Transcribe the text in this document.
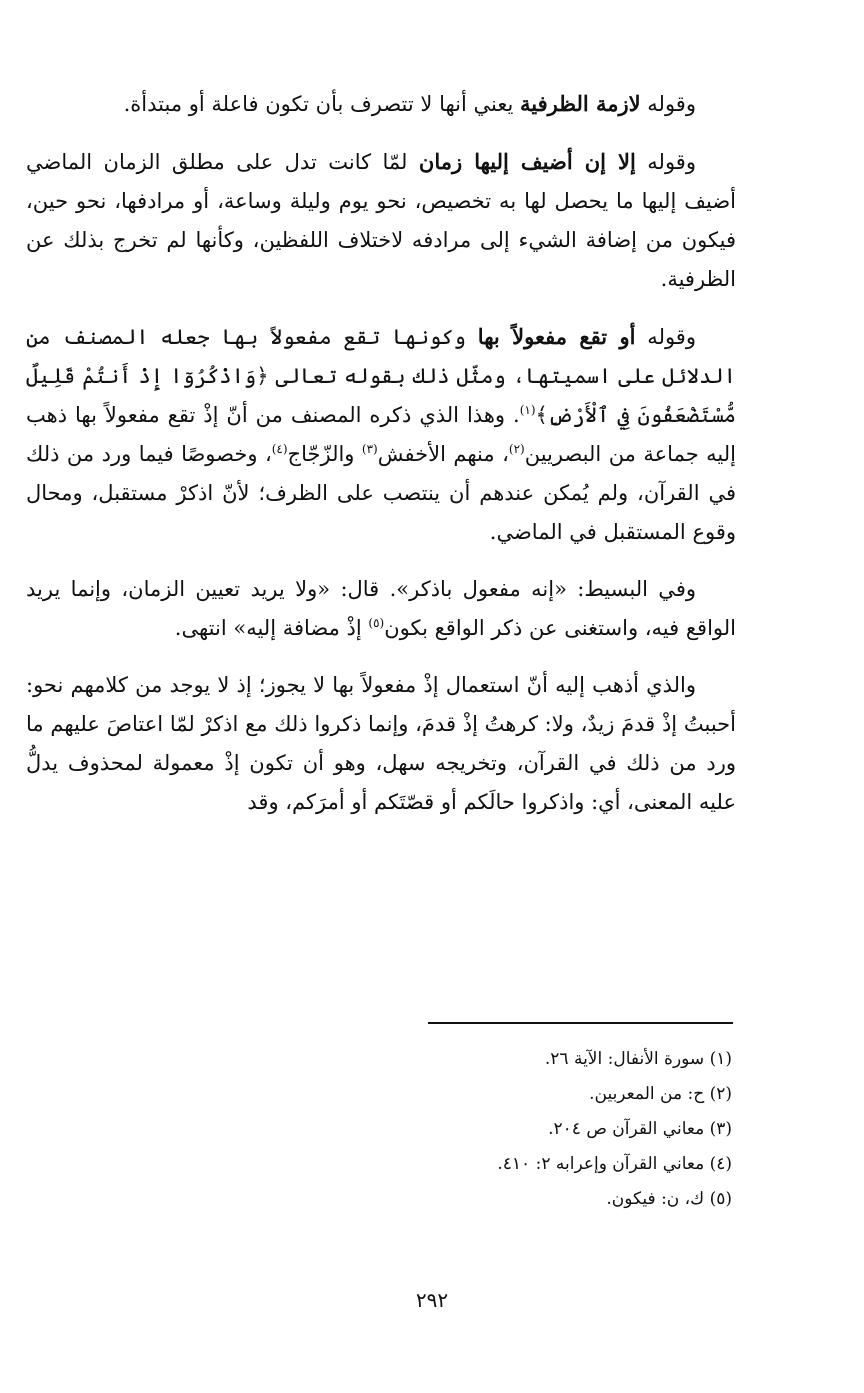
وقوله لازمة الظرفية يعني أنها لا تتصرف بأن تكون فاعلة أو مبتدأة.

وقوله إلا إن أضيف إليها زمان لمّا كانت تدل على مطلق الزمان الماضي أضيف إليها ما يحصل لها به تخصيص، نحو يوم وليلة وساعة، أو مرادفها، نحو حين، فيكون من إضافة الشيء إلى مرادفه لاختلاف اللفظين، وكأنها لم تخرج بذلك عن الظرفية.

وقوله أو تقع مفعولاً بها وكونها تقع مفعولاً بها جعله المصنف من الدلائل على اسميتها، ومثّل ذلك بقوله تعالى ﴿وَاذْكُرُوٓا إِذْ أَنتُمْ قَلِيلٌ مُّسْتَضْعَفُونَ فِي ٱلْأَرْضِ﴾$^{(١)}$. وهذا الذي ذكره المصنف من أنّ إذْ تقع مفعولاً بها ذهب إليه جماعة من البصريين$^{(٢)}$، منهم الأخفش$^{(٣)}$ والزّجّاج$^{(٤)}$، وخصوصًا فيما ورد من ذلك في القرآن، ولم يُمكن عندهم أن ينتصب على الظرف؛ لأنّ اذكرْ مستقبل، ومحال وقوع المستقبل في الماضي.

وفي البسيط: «إنه مفعول باذكر». قال: «ولا يريد تعيين الزمان، وإنما يريد الواقع فيه، واستغنى عن ذكر الواقع بكون$^{(٥)}$ إذْ مضافة إليه» انتهى.

والذي أذهب إليه أنّ استعمال إذْ مفعولاً بها لا يجوز؛ إذ لا يوجد من كلامهم نحو: أحببتُ إذْ قدمَ زيدٌ، ولا: كرهتُ إذْ قدمَ، وإنما ذكروا ذلك مع اذكرْ لمّا اعتاصَ عليهم ما ورد من ذلك في القرآن، وتخريجه سهل، وهو أن تكون إذْ معمولة لمحذوف يدلُّ عليه المعنى، أي: واذكروا حالَكم أو قصّتَكم أو أمرَكم، وقد

(١) سورة الأنفال: الآية ٢٦.

(٢) ح: من المعربين.

(٣) معاني القرآن ص ٢٠٤.

(٤) معاني القرآن وإعرابه ٢: ٤١٠.

(٥) ك، ن: فيكون.

٢٩٢
